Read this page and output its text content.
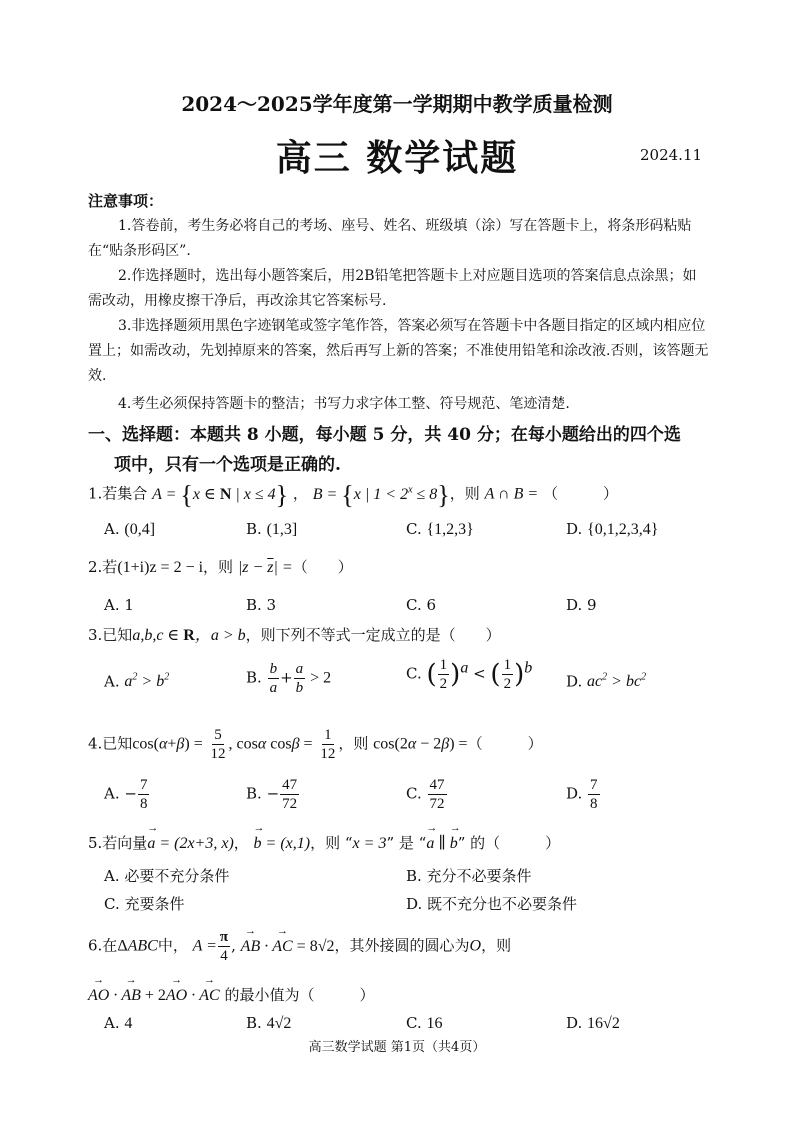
2024～2025学年度第一学期期中教学质量检测
高三 数学试题	2024.11
注意事项：
1.答卷前，考生务必将自己的考场、座号、姓名、班级填（涂）写在答题卡上，将条形码粘贴在“贴条形码区”.
2.作选择题时，选出每小题答案后，用2B铅笔把答题卡上对应题目选项的答案信息点涂黑；如需改动，用橡皮擦干净后，再改涂其它答案标号.
3.非选择题须用黑色字迹钢笔或签字笔作答，答案必须写在答题卡中各题目指定的区域内相应位置上；如需改动，先划掉原来的答案，然后再写上新的答案；不准使用铅笔和涂改液.否则，该答题无效.
4.考生必须保持答题卡的整洁；书写力求字体工整、符号规范、笔迹清楚.
一、选择题：本题共 8 小题，每小题 5 分，共 40 分；在每小题给出的四个选
项中，只有一个选项是正确的.
1.若集合 A = {x ∈ N | x ≤ 4} ， B = {x | $1 < 2^x \le 8$}，则 A ∩ B = （　　　）
A. (0,4]	B. (1,3]	C. {1,2,3}	D. {0,1,2,3,4}
2.若(1+i)z = 2 − i，则 $|z - \overline{z}|$ =（　　）
A. 1	B. 3	C. 6	D. 9
3.已知a,b,c ∈ R，a > b，则下列不等式一定成立的是（　　）
A. $a^2 > b^2$	B. $\frac{b}{a} + \frac{a}{b} > 2$	C. ( $\frac{1}{2} )^a$ < ( $\frac{1}{2} )^b$
D. $ac^2 > bc^2$
4.已知$\cos(\alpha+\beta) = \frac{5}{12}$ , cosα $\cos\beta = \frac{1}{12}$ ，则 cos(2α − 2β) =（　　　）
A. − $\frac{7}{8}$	B. − $\frac{47}{72}$	C. $\frac{47}{72}$	D. $\frac{7}{8}$
5.若向量→ a = (2x+3, x)， → b = (x,1)，则 “x = 3” 是 “→ a ∥ → b” 的（　　　）
A. 必要不充分条件	B. 充分不必要条件
C. 充要条件	D. 既不充分也不必要条件
6.在ΔABC中， $A = \frac{\pi}{4}$ , → AB · → AC = 8√2，其外接圆的圆心为O，则
→ AO · → AB + 2→ AO · → AC 的最小值为（　　　）
A. 4	B. 4√2	C. 16	D. 16√2
高三数学试题 第1页（共4页）
